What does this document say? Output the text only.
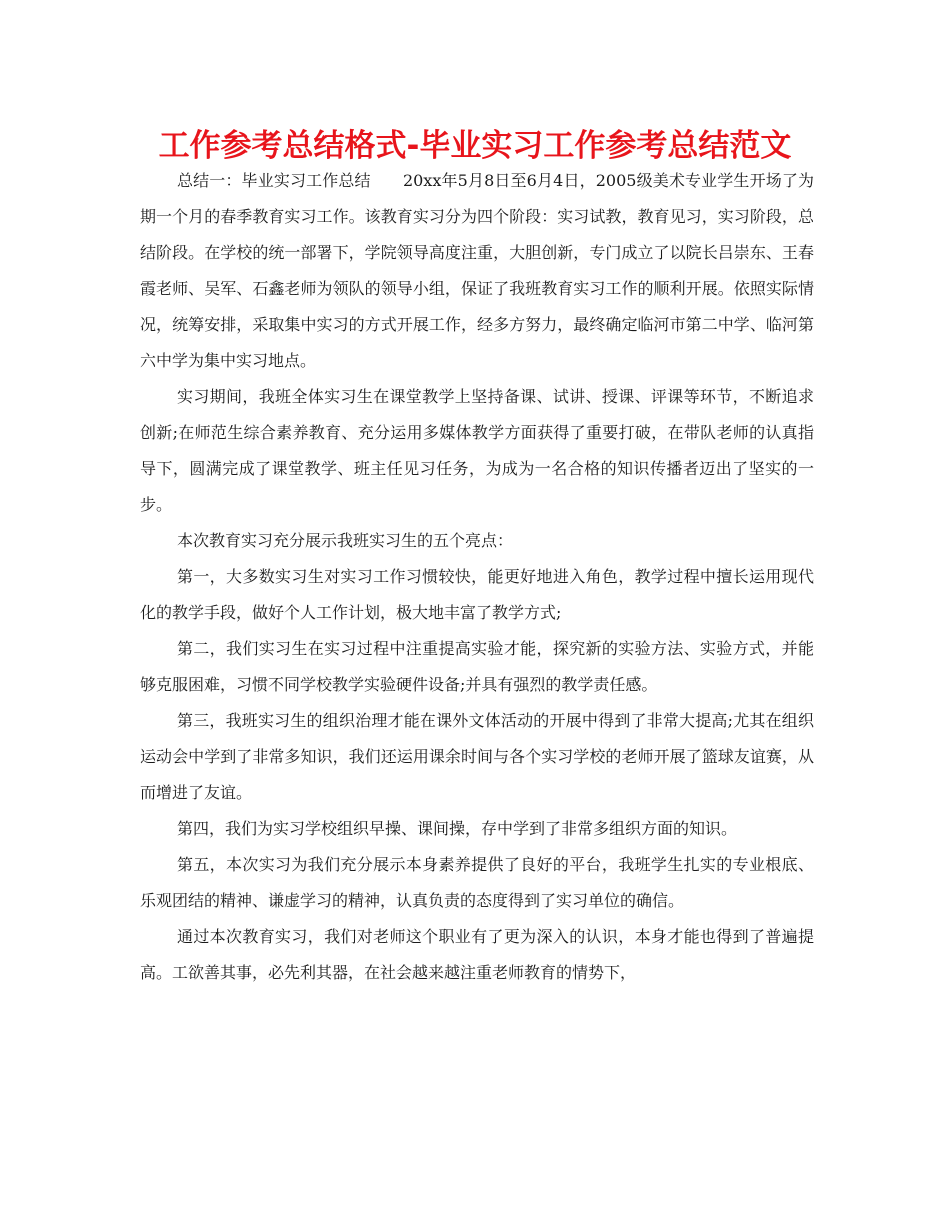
工作参考总结格式-毕业实习工作参考总结范文

总结一：毕业实习工作总结　　20xx年5月8日至6月4日，2005级美术专业学生开场了为期一个月的春季教育实习工作。该教育实习分为四个阶段：实习试教，教育见习，实习阶段，总结阶段。在学校的统一部署下，学院领导高度注重，大胆创新，专门成立了以院长吕崇东、王春霞老师、吴军、石鑫老师为领队的领导小组，保证了我班教育实习工作的顺利开展。依照实际情况，统筹安排，采取集中实习的方式开展工作，经多方努力，最终确定临河市第二中学、临河第六中学为集中实习地点。

实习期间，我班全体实习生在课堂教学上坚持备课、试讲、授课、评课等环节，不断追求创新;在师范生综合素养教育、充分运用多媒体教学方面获得了重要打破，在带队老师的认真指导下，圆满完成了课堂教学、班主任见习任务，为成为一名合格的知识传播者迈出了坚实的一步。

本次教育实习充分展示我班实习生的五个亮点：

第一，大多数实习生对实习工作习惯较快，能更好地进入角色，教学过程中擅长运用现代化的教学手段，做好个人工作计划，极大地丰富了教学方式;

第二，我们实习生在实习过程中注重提高实验才能，探究新的实验方法、实验方式，并能够克服困难，习惯不同学校教学实验硬件设备;并具有强烈的教学责任感。

第三，我班实习生的组织治理才能在课外文体活动的开展中得到了非常大提高;尤其在组织运动会中学到了非常多知识，我们还运用课余时间与各个实习学校的老师开展了篮球友谊赛，从而增进了友谊。

第四，我们为实习学校组织早操、课间操，存中学到了非常多组织方面的知识。

第五，本次实习为我们充分展示本身素养提供了良好的平台，我班学生扎实的专业根底、乐观团结的精神、谦虚学习的精神，认真负责的态度得到了实习单位的确信。

通过本次教育实习，我们对老师这个职业有了更为深入的认识，本身才能也得到了普遍提高。工欲善其事，必先利其器，在社会越来越注重老师教育的情势下，
